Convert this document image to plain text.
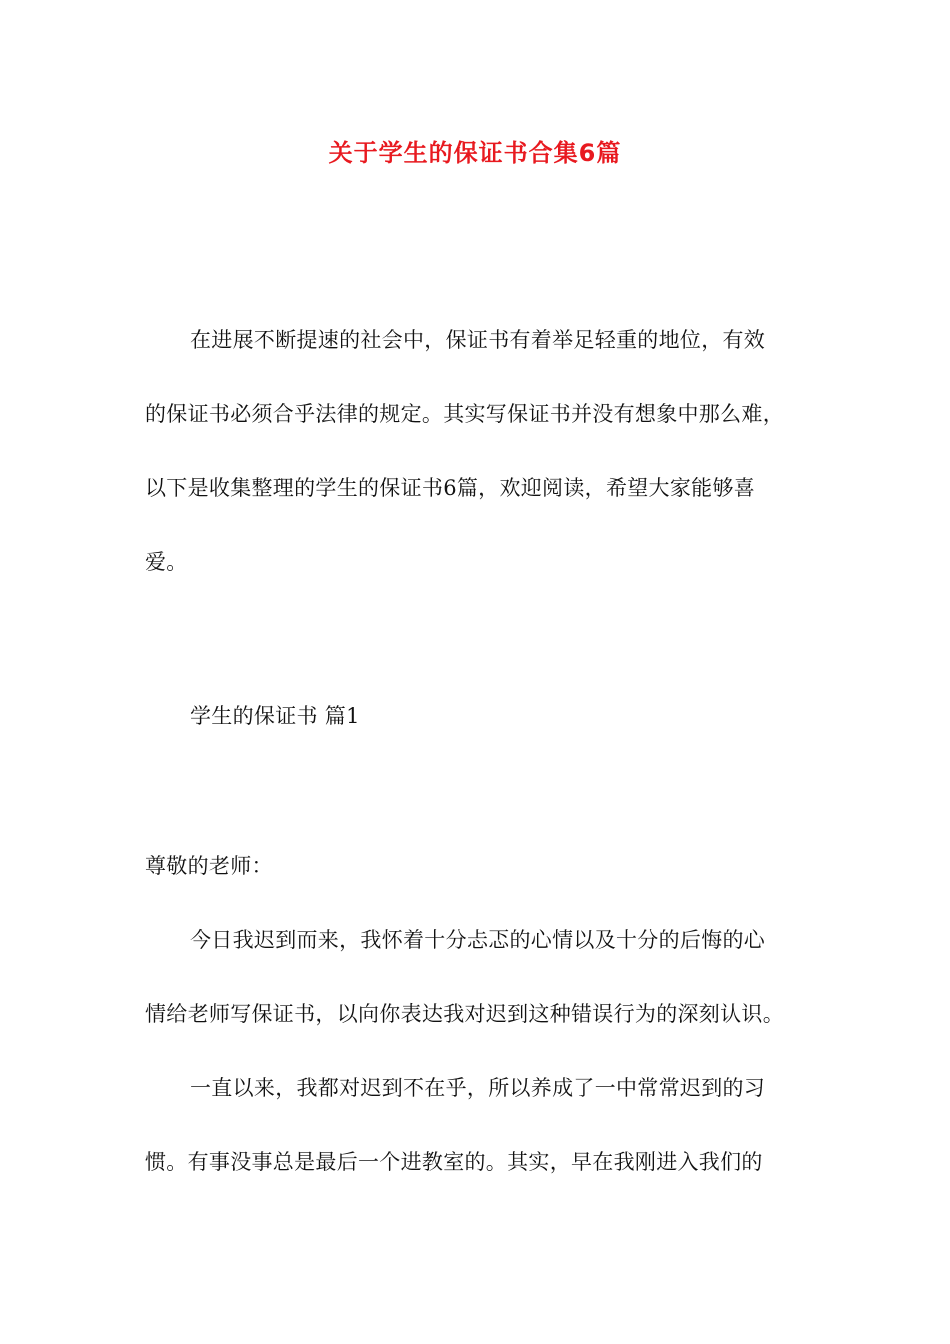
关于学生的保证书合集6篇
在进展不断提速的社会中，保证书有着举足轻重的地位，有效
的保证书必须合乎法律的规定。其实写保证书并没有想象中那么难，
以下是收集整理的学生的保证书6篇，欢迎阅读，希望大家能够喜
爱。
学生的保证书 篇1
尊敬的老师：
今日我迟到而来，我怀着十分忐忑的心情以及十分的后悔的心
情给老师写保证书，以向你表达我对迟到这种错误行为的深刻认识。
一直以来，我都对迟到不在乎，所以养成了一中常常迟到的习
惯。有事没事总是最后一个进教室的。其实，早在我刚进入我们的
